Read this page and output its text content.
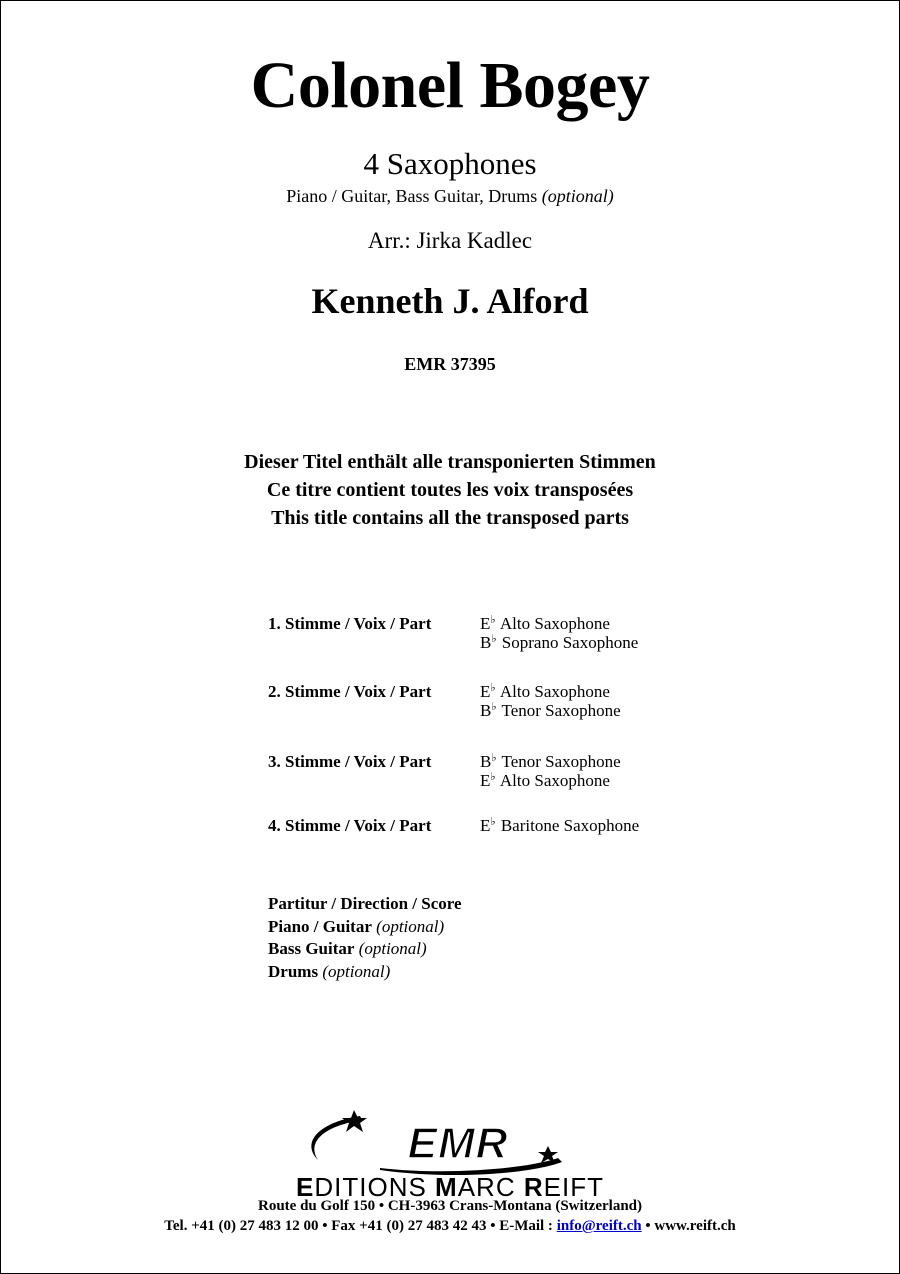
Colonel Bogey
4 Saxophones
Piano / Guitar, Bass Guitar, Drums (optional)
Arr.: Jirka Kadlec
Kenneth J. Alford
EMR 37395
Dieser Titel enthält alle transponierten Stimmen
Ce titre contient toutes les voix transposées
This title contains all the transposed parts
1. Stimme / Voix / Part	E♭ Alto Saxophone
B♭ Soprano Saxophone
2. Stimme / Voix / Part	E♭ Alto Saxophone
B♭ Tenor Saxophone
3. Stimme / Voix / Part	B♭ Tenor Saxophone
E♭ Alto Saxophone
4. Stimme / Voix / Part	E♭ Baritone Saxophone
Partitur / Direction / Score
Piano / Guitar (optional)
Bass Guitar (optional)
Drums (optional)
EMR
EDITIONS MARC REIFT
Route du Golf 150 • CH-3963 Crans-Montana (Switzerland)
Tel. +41 (0) 27 483 12 00 • Fax +41 (0) 27 483 42 43 • E-Mail : info@reift.ch • www.reift.ch
